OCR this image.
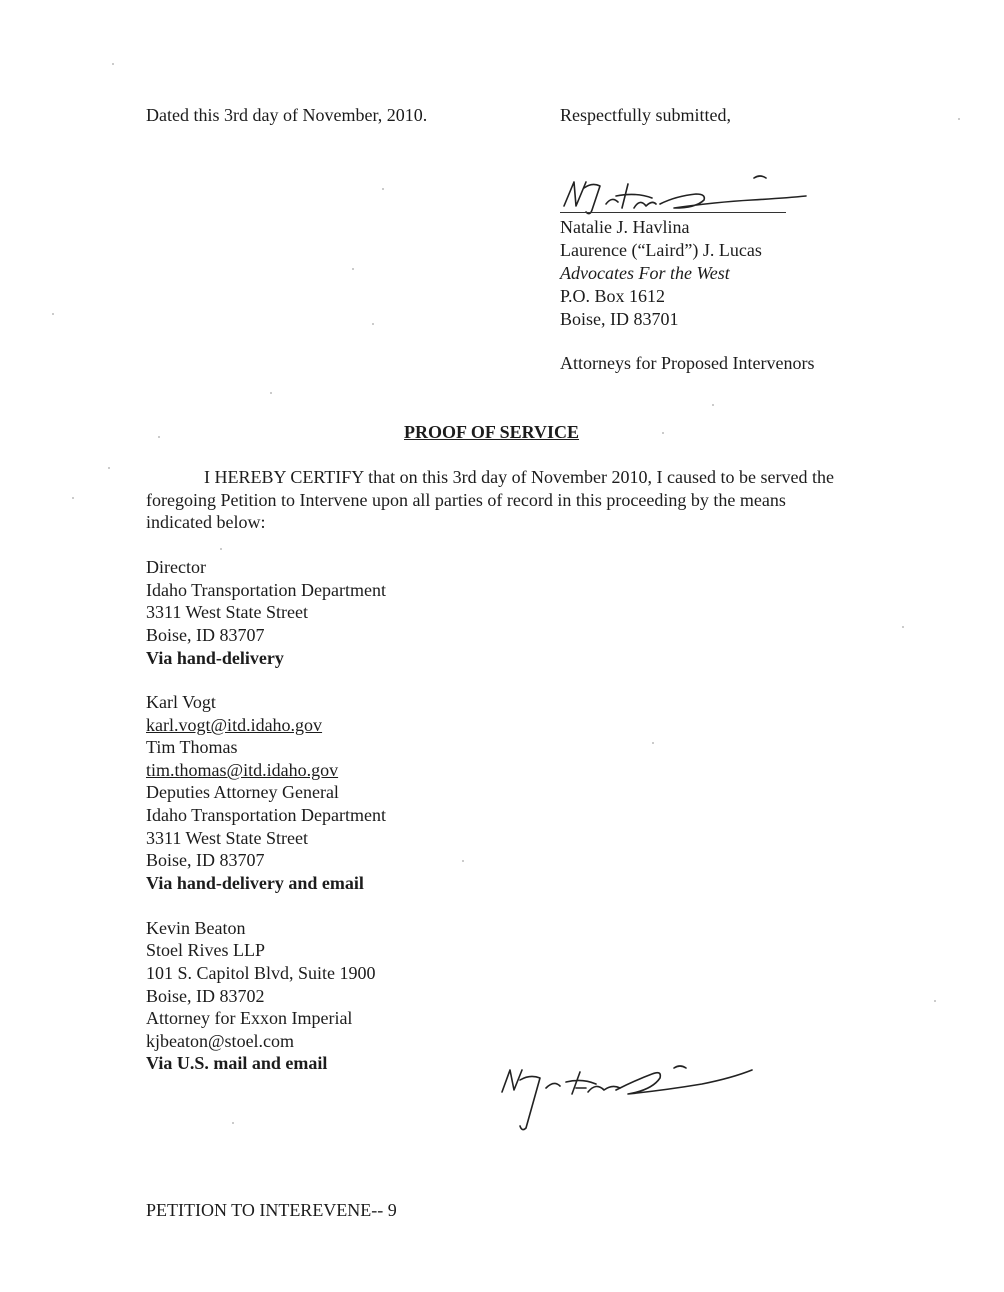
Dated this 3rd day of November, 2010.	Respectfully submitted,
Natalie J. Havlina
Laurence (“Laird”) J. Lucas
Advocates For the West
P.O. Box 1612
Boise, ID 83701
Attorneys for Proposed Intervenors
PROOF OF SERVICE

I HEREBY CERTIFY that on this 3rd day of November 2010, I caused to be served the foregoing Petition to Intervene upon all parties of record in this proceeding by the means indicated below:

Director
Idaho Transportation Department
3311 West State Street
Boise, ID 83707
Via hand-delivery
Karl Vogt
karl.vogt@itd.idaho.gov
Tim Thomas
tim.thomas@itd.idaho.gov
Deputies Attorney General
Idaho Transportation Department
3311 West State Street
Boise, ID 83707
Via hand-delivery and email
Kevin Beaton
Stoel Rives LLP
101 S. Capitol Blvd, Suite 1900
Boise, ID 83702
Attorney for Exxon Imperial
kjbeaton@stoel.com
Via U.S. mail and email
PETITION TO INTEREVENE-- 9
